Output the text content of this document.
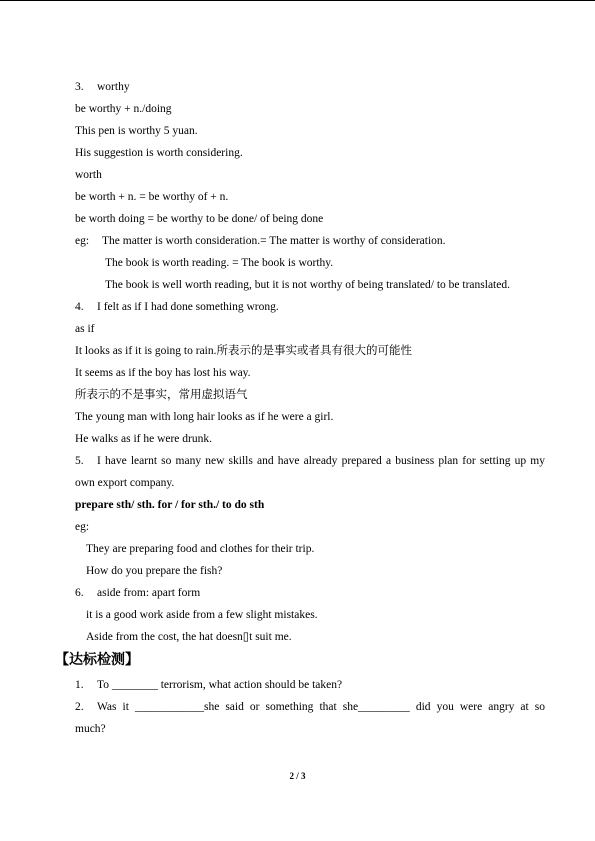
3. worthy
be worthy + n./doing
This pen is worthy 5 yuan.
His suggestion is worth considering.
worth
be worth + n. = be worthy of + n.
be worth doing = be worthy to be done/ of being done
eg: The matter is worth consideration.= The matter is worthy of consideration.
The book is worth reading. = The book is worthy.
The book is well worth reading, but it is not worthy of being translated/ to be translated.
4. I felt as if I had done something wrong.
as if
It looks as if it is going to rain.所表示的是事实或者具有很大的可能性
It seems as if the boy has lost his way.
所表示的不是事实，常用虚拟语气
The young man with long hair looks as if he were a girl.
He walks as if he were drunk.
5. I have learnt so many new skills and have already prepared a business plan for setting up my
own export company.
prepare sth/ sth. for / for sth./ to do sth
eg:
They are preparing food and clothes for their trip.
How do you prepare the fish?
6. aside from: apart form
it is a good work aside from a few slight mistakes.
Aside from the cost, the hat doesn▯t suit me.
【达标检测】
1. To ________ terrorism, what action should be taken?
2. Was it ____________she said or something that she_________ did you were angry at so
much?
2 / 3
